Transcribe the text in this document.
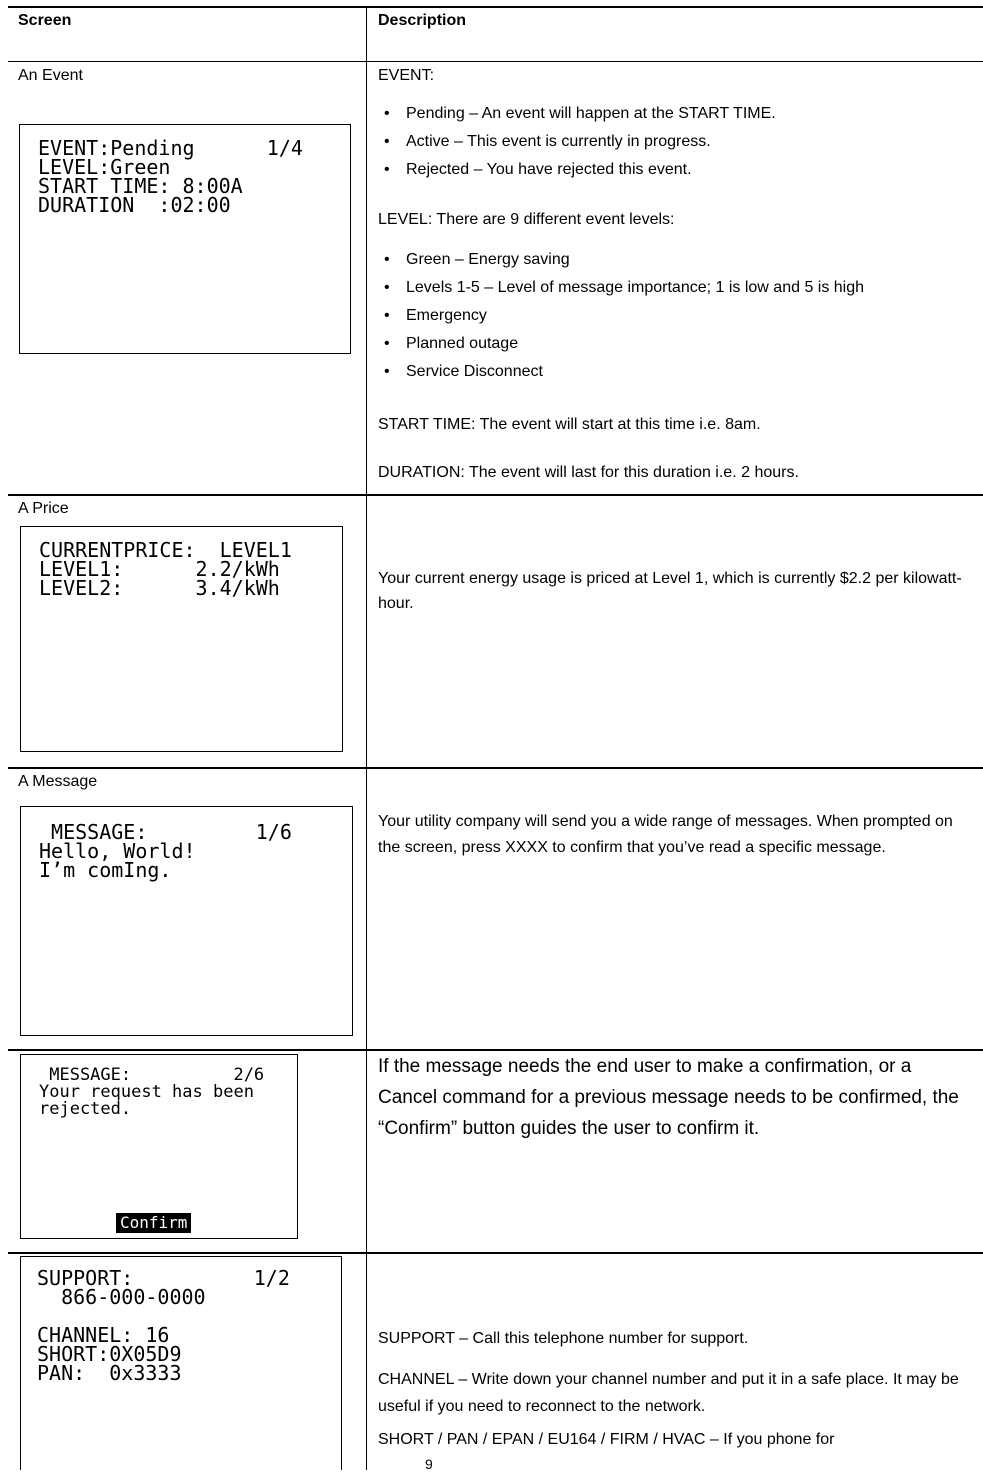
Screen	Description
An Event
EVENT:Pending      1/4
LEVEL:Green
START TIME: 8:00A
DURATION  :02:00
EVENT:
• Pending – An event will happen at the START TIME.
• Active – This event is currently in progress.
• Rejected – You have rejected this event.
LEVEL: There are 9 different event levels:
• Green – Energy saving
• Levels 1-5 – Level of message importance; 1 is low and 5 is high
• Emergency
• Planned outage
• Service Disconnect
START TIME: The event will start at this time i.e. 8am.
DURATION: The event will last for this duration i.e. 2 hours.
A Price
CURRENTPRICE:  LEVEL1
LEVEL1:      2.2/kWh
LEVEL2:      3.4/kWh	Your current energy usage is priced at Level 1, which is currently $2.2 per kilowatt-hour.
A Message
MESSAGE:         1/6
Hello, World!
I’m comIng.
Your utility company will send you a wide range of messages. When prompted on the screen, press XXXX to confirm that you’ve read a specific message.
MESSAGE:          2/6
Your request has been
rejected.
Confirm
If the message needs the end user to make a confirmation, or a Cancel command for a previous message needs to be confirmed, the “Confirm” button guides the user to confirm it.
SUPPORT:          1/2
866-000-0000

CHANNEL: 16
SHORT:0X05D9
PAN:  0x3333
SUPPORT – Call this telephone number for support.
CHANNEL – Write down your channel number and put it in a safe place. It may be useful if you need to reconnect to the network.
SHORT / PAN / EPAN / EU164 / FIRM / HVAC – If you phone for
9
